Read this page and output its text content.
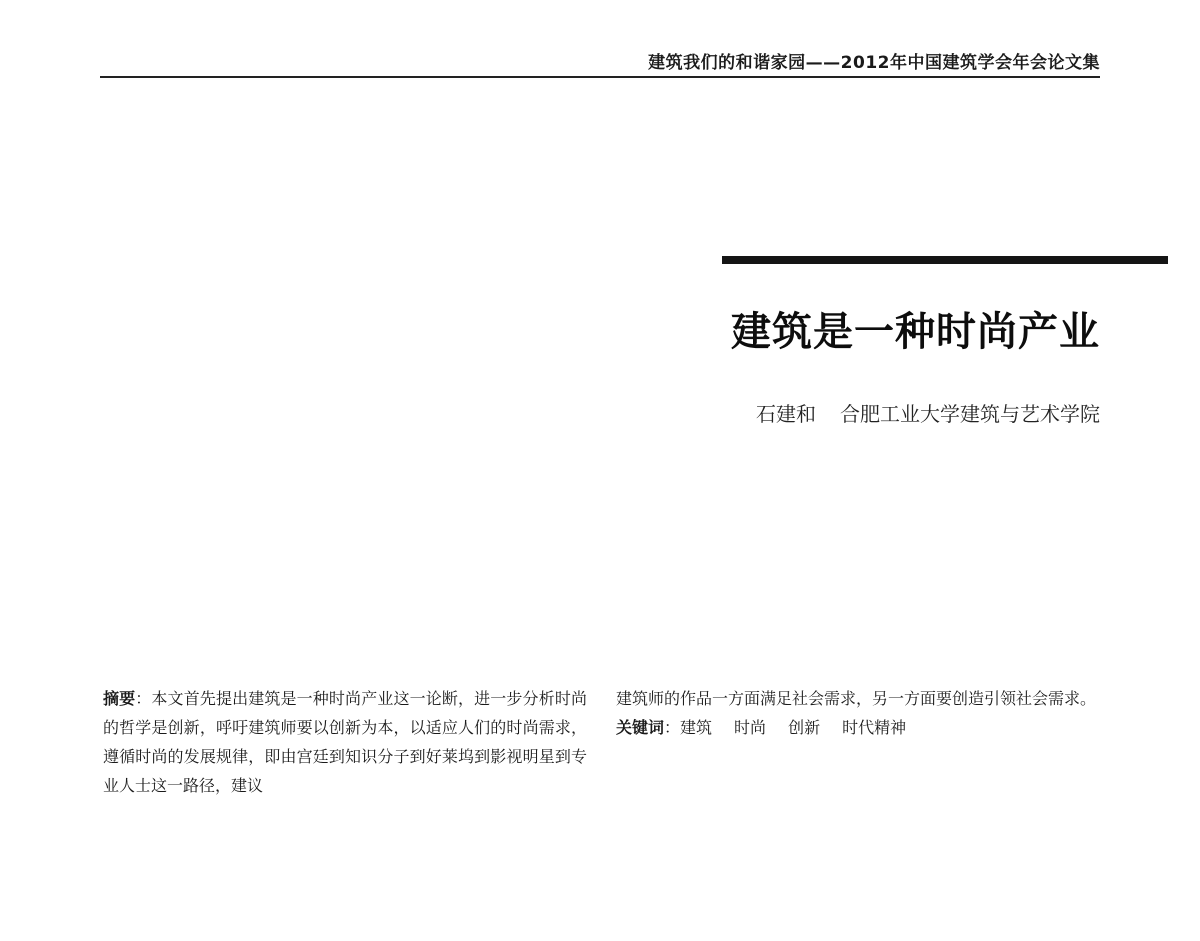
建筑我们的和谐家园——2012年中国建筑学会年会论文集
建筑是一种时尚产业
石建和 合肥工业大学建筑与艺术学院
摘要：本文首先提出建筑是一种时尚产业这一论断，进一步分析时尚的哲学是创新，呼吁建筑师要以创新为本，以适应人们的时尚需求，遵循时尚的发展规律，即由宫廷到知识分子到好莱坞到影视明星到专业人士这一路径，建议
建筑师的作品一方面满足社会需求，另一方面要创造引领社会需求。
关键词：建筑 时尚 创新 时代精神
